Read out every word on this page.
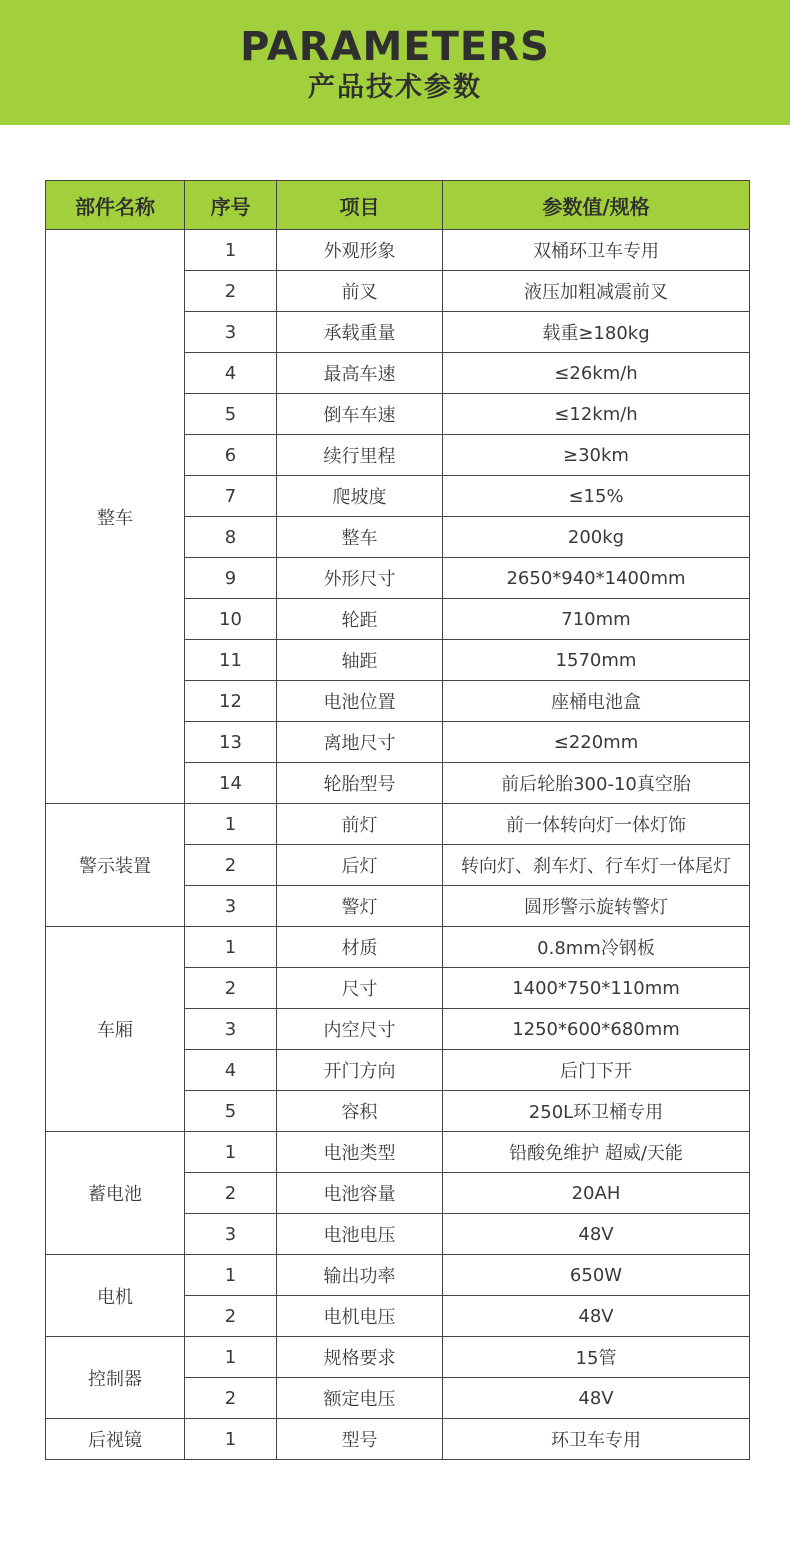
PARAMETERS
产品技术参数
部件名称	序号	项目	参数值/规格
整车	1	外观形象	双桶环卫车专用
	2	前叉	液压加粗减震前叉
	3	承载重量	载重≥180kg
	4	最高车速	≤26km/h
	5	倒车车速	≤12km/h
	6	续行里程	≥30km
	7	爬坡度	≤15%
	8	整车	200kg
	9	外形尺寸	2650*940*1400mm
	10	轮距	710mm
	11	轴距	1570mm
	12	电池位置	座桶电池盒
	13	离地尺寸	≤220mm
	14	轮胎型号	前后轮胎300-10真空胎
警示装置	1	前灯	前一体转向灯一体灯饰
	2	后灯	转向灯、刹车灯、行车灯一体尾灯
	3	警灯	圆形警示旋转警灯
车厢	1	材质	0.8mm冷钢板
	2	尺寸	1400*750*110mm
	3	内空尺寸	1250*600*680mm
	4	开门方向	后门下开
	5	容积	250L环卫桶专用
蓄电池	1	电池类型	铅酸免维护 超威/天能
	2	电池容量	20AH
	3	电池电压	48V
电机	1	输出功率	650W
	2	电机电压	48V
控制器	1	规格要求	15管
	2	额定电压	48V
后视镜	1	型号	环卫车专用
